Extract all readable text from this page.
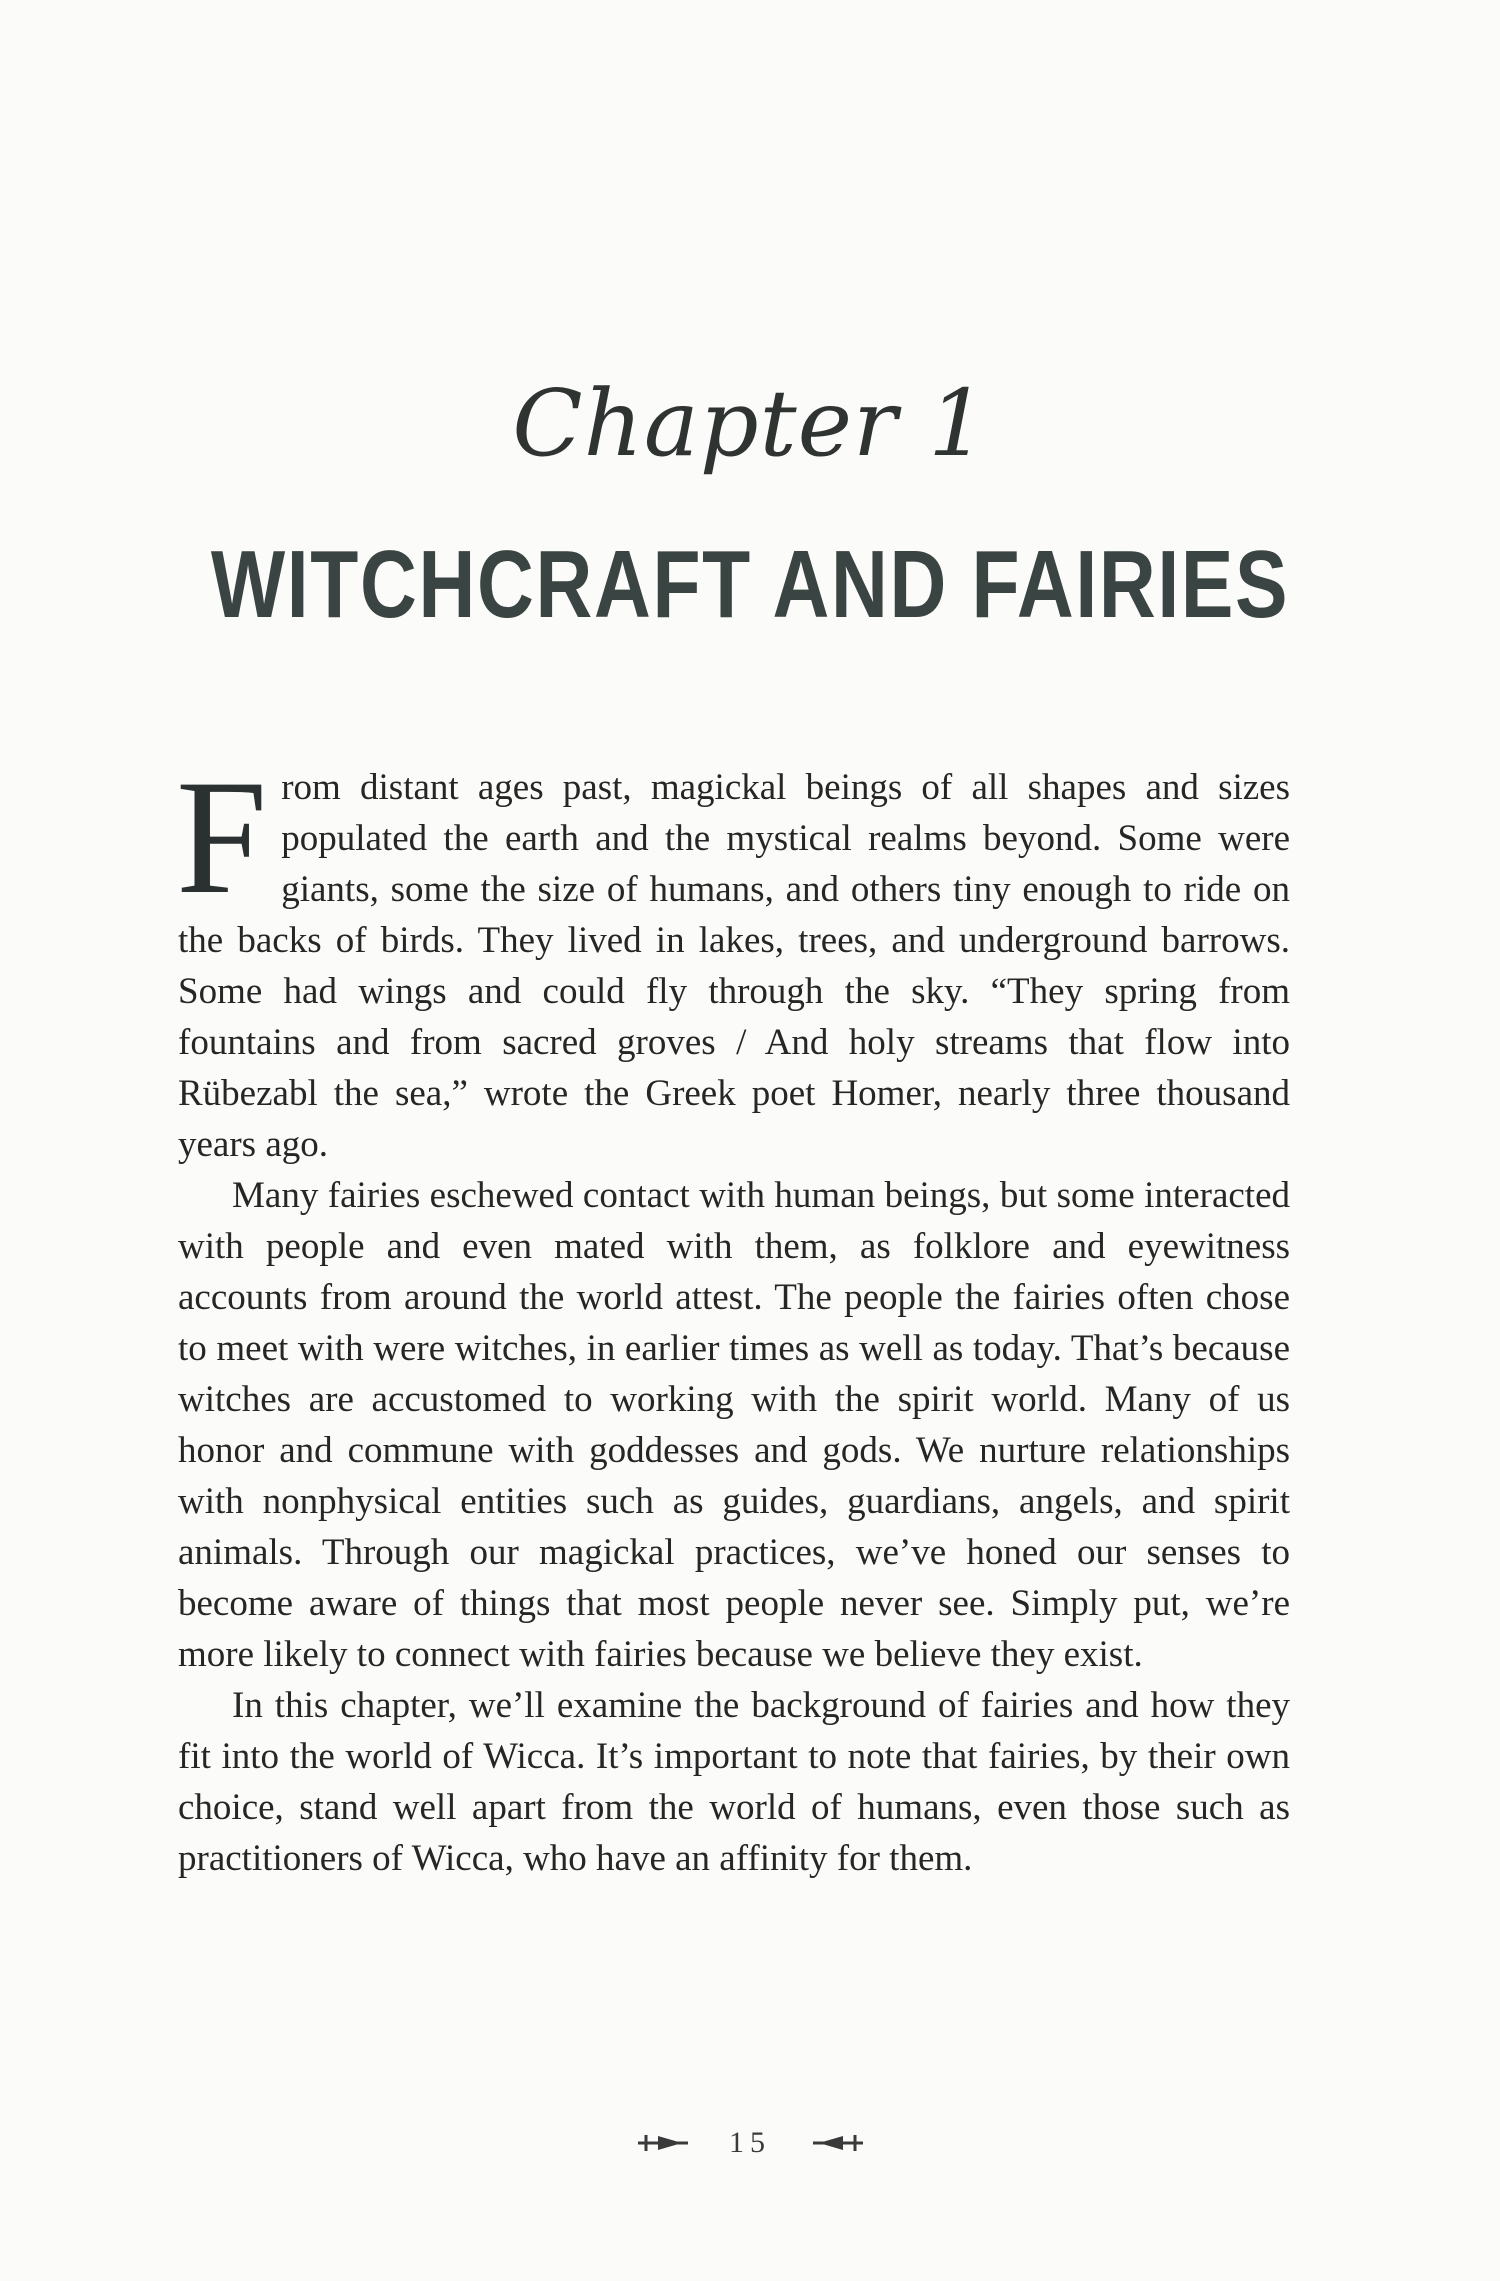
Chapter 1
WITCHCRAFT AND FAIRIES

From distant ages past, magickal beings of all shapes and sizes populated the earth and the mystical realms beyond. Some were giants, some the size of humans, and others tiny enough to ride on the backs of birds. They lived in lakes, trees, and underground barrows. Some had wings and could fly through the sky. “They spring from fountains and from sacred groves / And holy streams that flow into Rübezabl the sea,” wrote the Greek poet Homer, nearly three thousand years ago.

Many fairies eschewed contact with human beings, but some interacted with people and even mated with them, as folklore and eyewitness accounts from around the world attest. The people the fairies often chose to meet with were witches, in earlier times as well as today. That’s because witches are accustomed to working with the spirit world. Many of us honor and commune with goddesses and gods. We nurture relationships with nonphysical entities such as guides, guardians, angels, and spirit animals. Through our magickal practices, we’ve honed our senses to become aware of things that most people never see. Simply put, we’re more likely to connect with fairies because we believe they exist.

In this chapter, we’ll examine the background of fairies and how they fit into the world of Wicca. It’s important to note that fairies, by their own choice, stand well apart from the world of humans, even those such as practitioners of Wicca, who have an affinity for them.

15
